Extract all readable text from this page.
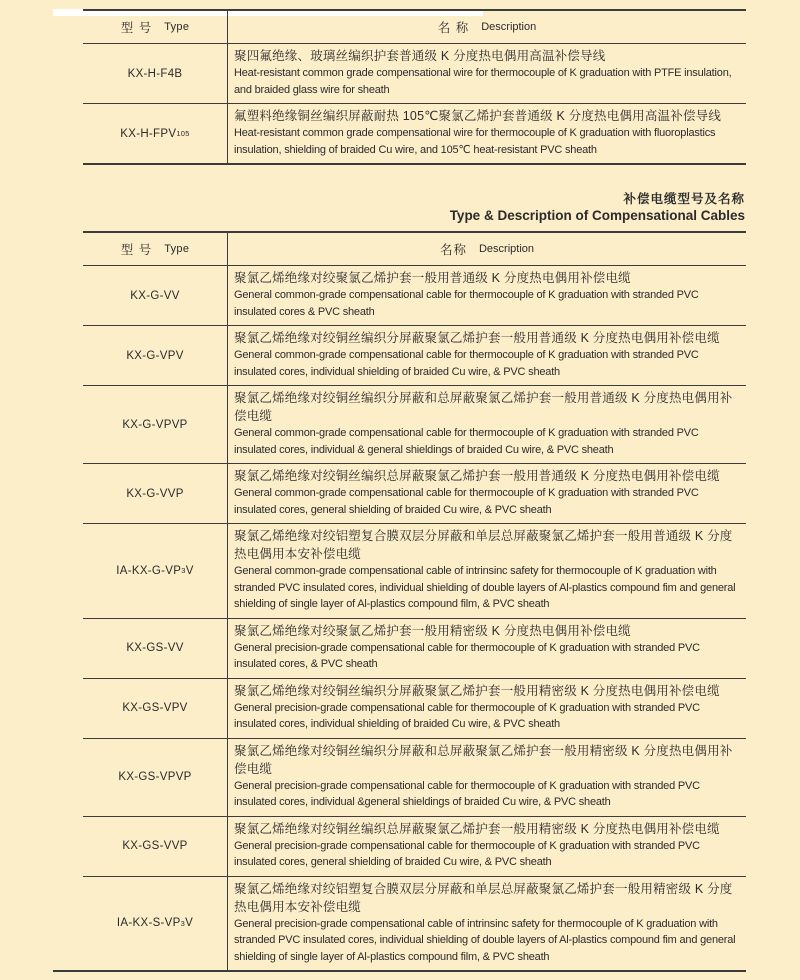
型 号 Type	名 称 Description
KX-H-F4B
聚四氟绝缘、玻璃丝编织护套普通级 K 分度热电偶用高温补偿导线
Heat-resistant common grade compensational wire for thermocouple of K graduation with PTFE insulation, and braided glass wire for sheath
KX-H-FPV 105
氟塑料绝缘铜丝编织屏蔽耐热 105℃聚氯乙烯护套普通级 K 分度热电偶用高温补偿导线
Heat-resistant common grade compensational wire for thermocouple of K graduation with fluoroplastics insulation, shielding of braided Cu wire, and 105℃ heat-resistant PVC sheath
补偿电缆型号及名称
Type & Description of Compensational Cables
型 号 Type	名称 Description
KX-G-VV
聚氯乙烯绝缘对绞聚氯乙烯护套一般用普通级 K 分度热电偶用补偿电缆
General common-grade compensational cable for thermocouple of K graduation with stranded PVC insulated cores & PVC sheath
KX-G-VPV
聚氯乙烯绝缘对绞铜丝编织分屏蔽聚氯乙烯护套一般用普通级 K 分度热电偶用补偿电缆
General common-grade compensational cable for thermocouple of K graduation with stranded PVC insulated cores, individual shielding of braided Cu wire, & PVC sheath
KX-G-VPVP
聚氯乙烯绝缘对绞铜丝编织分屏蔽和总屏蔽聚氯乙烯护套一般用普通级 K 分度热电偶用补偿电缆
General common-grade compensational cable for thermocouple of K graduation with stranded PVC insulated cores, individual & general shieldings of braided Cu wire, & PVC sheath
KX-G-VVP
聚氯乙烯绝缘对绞铜丝编织总屏蔽聚氯乙烯护套一般用普通级 K 分度热电偶用补偿电缆
General common-grade compensational cable for thermocouple of K graduation with stranded PVC insulated cores, general shielding of braided Cu wire, & PVC sheath
IA-KX-G-VP 3 V
聚氯乙烯绝缘对绞铝塑复合膜双层分屏蔽和单层总屏蔽聚氯乙烯护套一般用普通级 K 分度热电偶用本安补偿电缆
General common-grade compensational cable of intrinsinc safety for thermocouple of K graduation with stranded PVC insulated cores, individual shielding of double layers of Al-plastics compound fim and general shielding of single layer of Al-plastics compound film, & PVC sheath
KX-GS-VV
聚氯乙烯绝缘对绞聚氯乙烯护套一般用精密级 K 分度热电偶用补偿电缆
General precision-grade compensational cable for thermocouple of K graduation with stranded PVC insulated cores, & PVC sheath
KX-GS-VPV
聚氯乙烯绝缘对绞铜丝编织分屏蔽聚氯乙烯护套一般用精密级 K 分度热电偶用补偿电缆
General precision-grade compensational cable for thermocouple of K graduation with stranded PVC insulated cores, individual shielding of braided Cu wire, & PVC sheath
KX-GS-VPVP
聚氯乙烯绝缘对绞铜丝编织分屏蔽和总屏蔽聚氯乙烯护套一般用精密级 K 分度热电偶用补偿电缆
General precision-grade compensational cable for thermocouple of K graduation with stranded PVC insulated cores, individual &general shieldings of braided Cu wire, & PVC sheath
KX-GS-VVP
聚氯乙烯绝缘对绞铜丝编织总屏蔽聚氯乙烯护套一般用精密级 K 分度热电偶用补偿电缆
General precision-grade compensational cable for thermocouple of K graduation with stranded PVC insulated cores, general shielding of braided Cu wire, & PVC sheath
IA-KX-S-VP 3 V
聚氯乙烯绝缘对绞铝塑复合膜双层分屏蔽和单层总屏蔽聚氯乙烯护套一般用精密级 K 分度热电偶用本安补偿电缆
General precision-grade compensational cable of intrinsinc safety for thermocouple of K graduation with stranded PVC insulated cores, individual shielding of double layers of Al-plastics compound fim and general shielding of single layer of Al-plastics compound film, & PVC sheath
